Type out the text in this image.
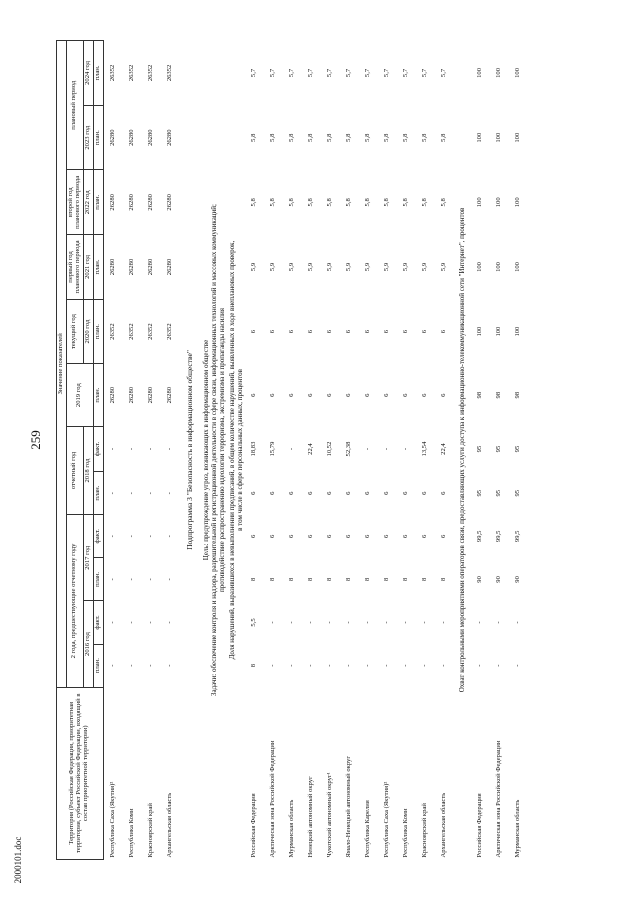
259
2000101.doc
Территория (Российская Федерация, приоритетная территория, субъект Российской Федерации, входящий в состав приоритетной территории)	Значение показателей											
	2 года, предшествующие отчетному году				отчетный год		2019 год	текущий год	первый год планового периода	второй год планового периода	плановый период	
	2016 год		2017 год		2018 год			2020 год	2021 год	2022 год	2023 год	2024 год
	план.	факт.	план.	факт.	план.	факт.	план.	план.	план.	план.	план.	план.
Республика Саха (Якутия)²	-	-	-	-	-	-	26280	26352	26280	26280	26280	26352
Республика Коми	-	-	-	-	-	-	26280	26352	26280	26280	26280	26352
Красноярский край	-	-	-	-	-	-	26280	26352	26280	26280	26280	26352
Архангельская область	-	-	-	-	-	-	26280	26352	26280	26280	26280	26352
Подпрограмма 3 "Безопасность в информационном обществе"												

Цель: предупреждение угроз, возникающих в информационном обществе Задачи: обеспечение контроля и надзора, разрешительной и регистрационной деятельности в сфере связи, информационных технологий и массовых коммуникаций; противодействие распространению идеологии терроризма, экстремизма и пропаганды насилия												

Доля нарушений, выразившихся в невыполнении предписаний, в общем количестве нарушений, выявленных в ходе внеплановых проверок, в том числе в сфере персональных данных, процентов												

Российская Федерация	8	5,5	8	6	6	18,83	6	6	5,9	5,8	5,8	5,7
Арктическая зона Российской Федерации	-	-	8	6	6	15,79	6	6	5,9	5,8	5,8	5,7
Мурманская область	-	-	8	6	6	-	6	6	5,9	5,8	5,8	5,7
Ненецкий автономный округ	-	-	8	6	6	22,4	6	6	5,9	5,8	5,8	5,7
Чукотский автономный округ¹	-	-	8	6	6	10,52	6	6	5,9	5,8	5,8	5,7
Ямало-Ненецкий автономный округ	-	-	8	6	6	52,38	6	6	5,9	5,8	5,8	5,7
Республика Карелия	-	-	8	6	6	-	6	6	5,9	5,8	5,8	5,7
Республика Саха (Якутия)²	-	-	8	6	6	-	6	6	5,9	5,8	5,8	5,7
Республика Коми	-	-	8	6	6	-	6	6	5,9	5,8	5,8	5,7
Красноярский край	-	-	8	6	6	13,54	6	6	5,9	5,8	5,8	5,7
Архангельская область	-	-	8	6	6	22,4	6	6	5,9	5,8	5,8	5,7
Охват контрольными мероприятиями операторов связи, предоставляющих услуги доступа к информационно-телекоммуникационной сети "Интернет", процентов												
Российская Федерация	-	-	90	99,5	95	95	98	100	100	100	100	100
Арктическая зона Российской Федерации	-	-	90	99,5	95	95	98	100	100	100	100	100
Мурманская область	-	-	90	99,5	95	95	98	100	100	100	100	100
